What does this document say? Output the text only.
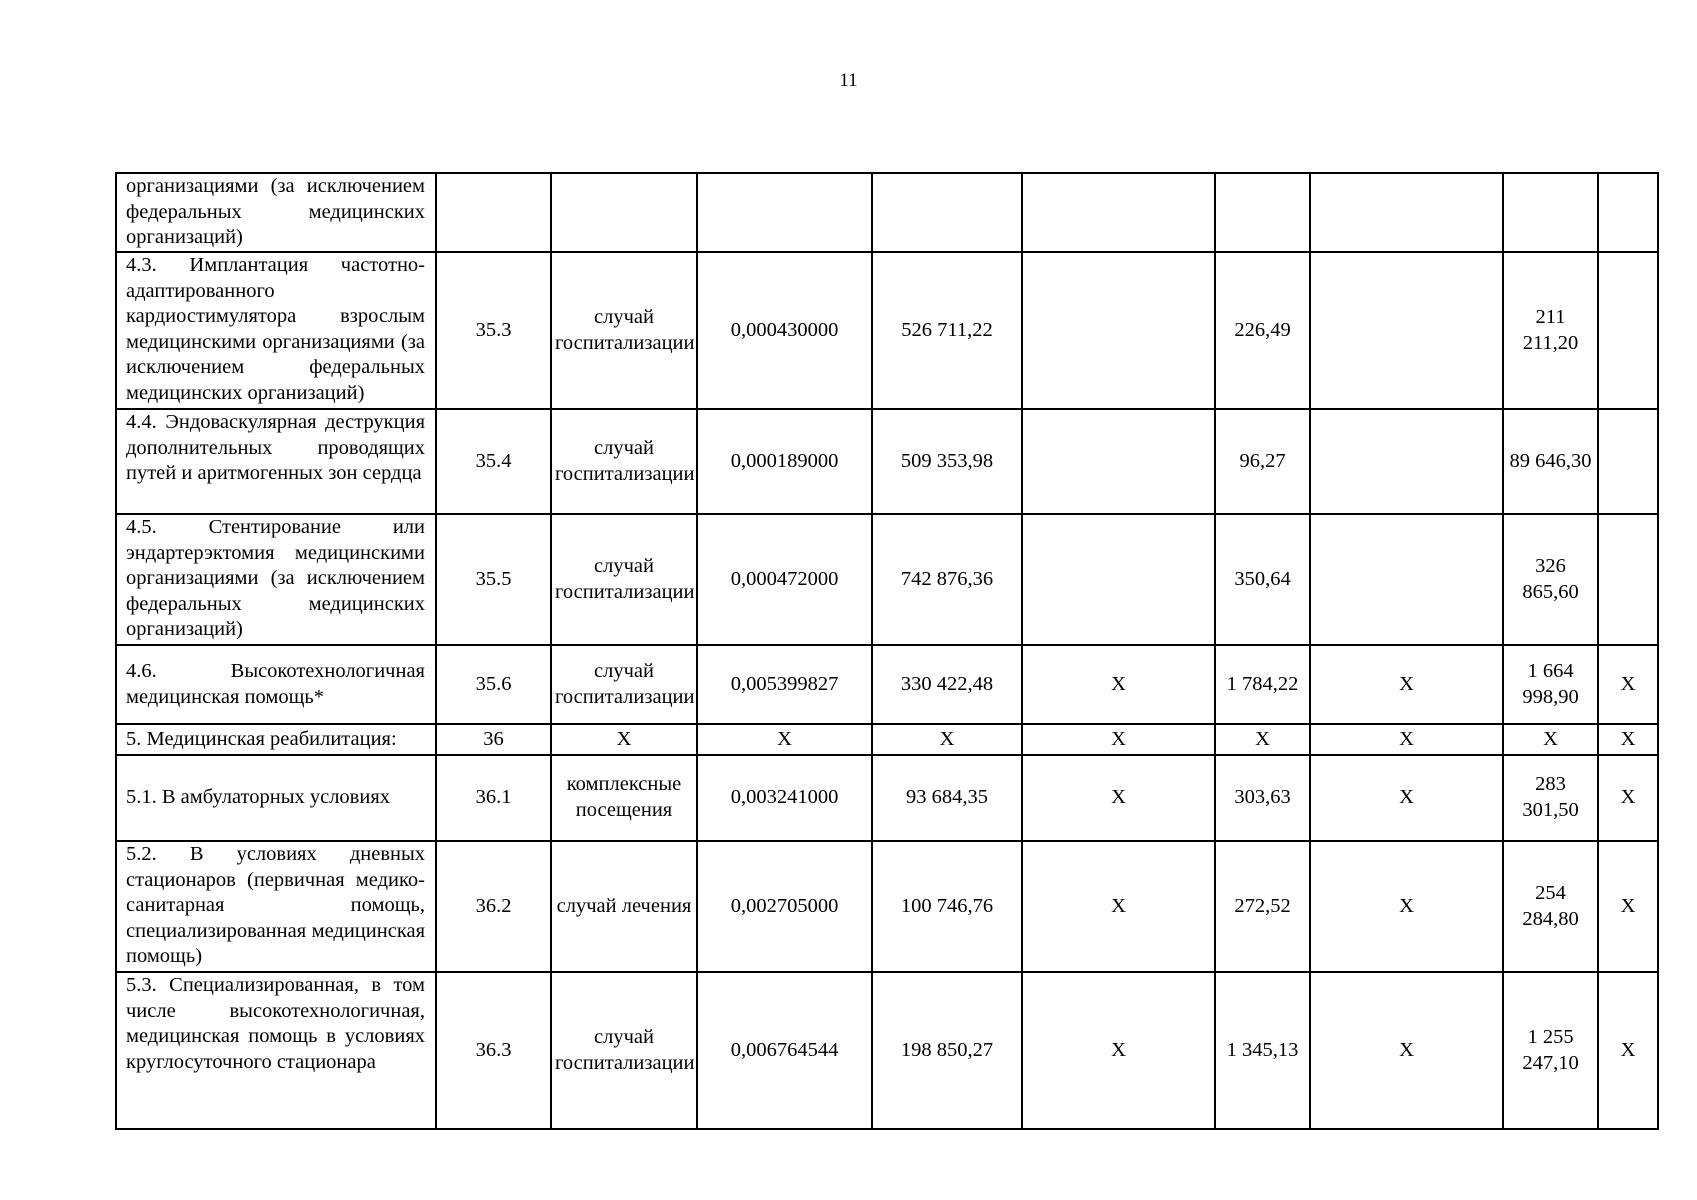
11
организациями (за исключением федеральных медицинских организаций)									
4.3. Имплантация частотно-адаптированного кардиостимулятора взрослым медицинскими организациями (за исключением федеральных медицинских организаций)	35.3	случай госпитализации	0,000430000	526 711,22		226,49		211 211,20	
4.4. Эндоваскулярная деструкция дополнительных проводящих путей и аритмогенных зон сердца	35.4	случай госпитализации	0,000189000	509 353,98		96,27		89 646,30	
4.5. Стентирование или эндартерэктомия медицинскими организациями (за исключением федеральных медицинских организаций)	35.5	случай госпитализации	0,000472000	742 876,36		350,64		326 865,60	
4.6. Высокотехнологичная медицинская помощь*	35.6	случай госпитализации	0,005399827	330 422,48	X	1 784,22	X	1 664 998,90	X
5. Медицинская реабилитация:	36	X	X	X	X	X	X	X	X
5.1. В амбулаторных условиях	36.1	комплексные посещения	0,003241000	93 684,35	X	303,63	X	283 301,50	X
5.2. В условиях дневных стационаров (первичная медико-санитарная помощь, специализированная медицинская помощь)	36.2	случай лечения	0,002705000	100 746,76	X	272,52	X	254 284,80	X
5.3. Специализированная, в том числе высокотехнологичная, медицинская помощь в условиях круглосуточного стационара	36.3	случай госпитализации	0,006764544	198 850,27	X	1 345,13	X	1 255 247,10	X
